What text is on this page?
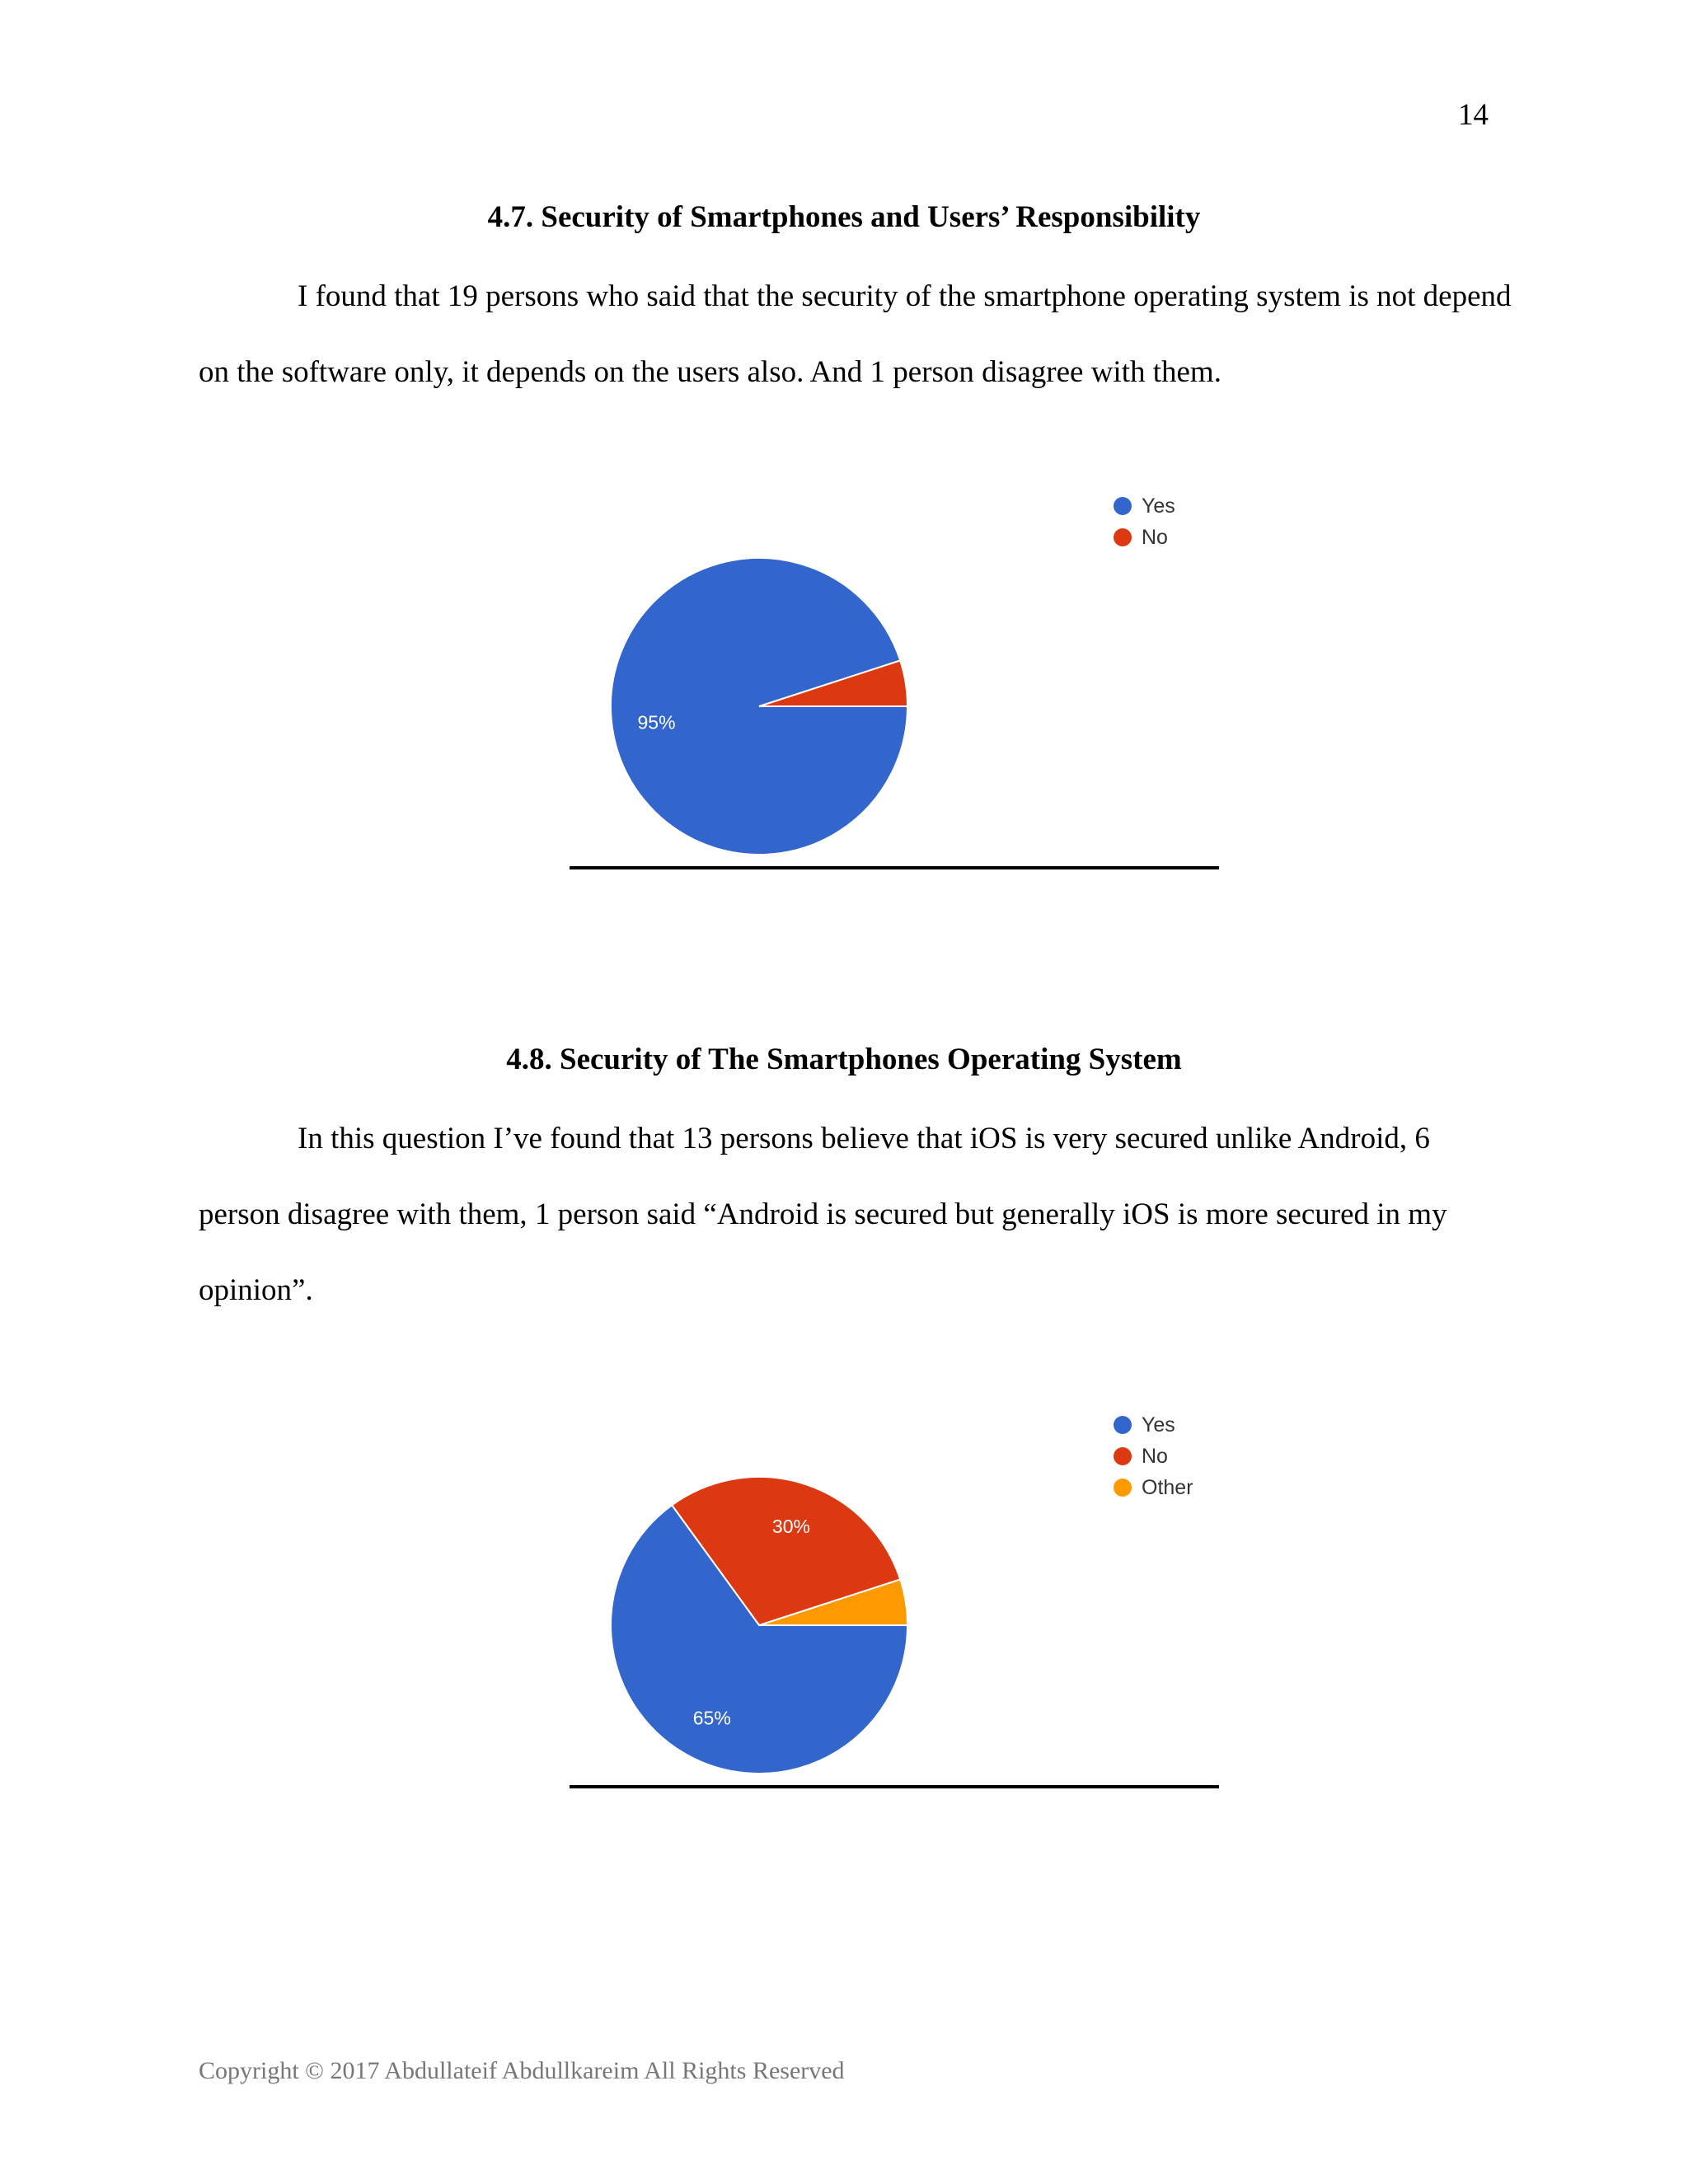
14
4.7. Security of Smartphones and Users’ Responsibility
I found that 19 persons who said that the security of the smartphone operating system is not depend on the software only, it depends on the users also. And 1 person disagree with them.
95%
Yes
No
4.8. Security of The Smartphones Operating System
In this question I’ve found that 13 persons believe that iOS is very secured unlike Android, 6 person disagree with them, 1 person said “Android is secured but generally iOS is more secured in my opinion”.
30%
65%
Yes
No
Other
Copyright © 2017 Abdullateif Abdullkareim All Rights Reserved
